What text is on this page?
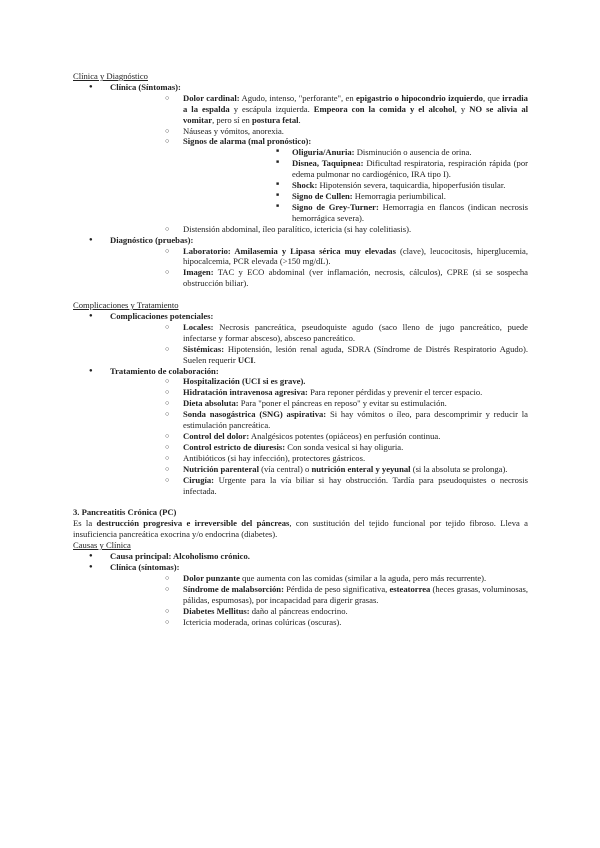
Clínica y Diagnóstico
● Clínica (Síntomas):
○ Dolor cardinal: Agudo, intenso, "perforante", en epigastrio o hipocondrio izquierdo, que irradia a la espalda y escápula izquierda. Empeora con la comida y el alcohol, y NO se alivia al vomitar, pero sí en postura fetal.
○ Náuseas y vómitos, anorexia.
○ Signos de alarma (mal pronóstico):
■ Oliguria/Anuria: Disminución o ausencia de orina.
■ Disnea, Taquipnea: Dificultad respiratoria, respiración rápida (por edema pulmonar no cardiogénico, IRA tipo I).
■ Shock: Hipotensión severa, taquicardia, hipoperfusión tisular.
■ Signo de Cullen: Hemorragia periumbilical.
■ Signo de Grey-Turner: Hemorragia en flancos (indican necrosis hemorrágica severa).
○ Distensión abdominal, íleo paralítico, ictericia (si hay colelitiasis).
● Diagnóstico (pruebas):
○ Laboratorio: Amilasemia y Lipasa sérica muy elevadas (clave), leucocitosis, hiperglucemia, hipocalcemia, PCR elevada (>150 mg/dL).
○ Imagen: TAC y ECO abdominal (ver inflamación, necrosis, cálculos), CPRE (si se sospecha obstrucción biliar).
Complicaciones y Tratamiento
● Complicaciones potenciales:
○ Locales: Necrosis pancreática, pseudoquiste agudo (saco lleno de jugo pancreático, puede infectarse y formar absceso), absceso pancreático.
○ Sistémicas: Hipotensión, lesión renal aguda, SDRA (Síndrome de Distrés Respiratorio Agudo). Suelen requerir UCI.
● Tratamiento de colaboración:
○ Hospitalización (UCI si es grave).
○ Hidratación intravenosa agresiva: Para reponer pérdidas y prevenir el tercer espacio.
○ Dieta absoluta: Para "poner el páncreas en reposo" y evitar su estimulación.
○ Sonda nasogástrica (SNG) aspirativa: Si hay vómitos o íleo, para descomprimir y reducir la estimulación pancreática.
○ Control del dolor: Analgésicos potentes (opiáceos) en perfusión continua.
○ Control estricto de diuresis: Con sonda vesical si hay oliguria.
○ Antibióticos (si hay infección), protectores gástricos.
○ Nutrición parenteral (vía central) o nutrición enteral y yeyunal (si la absoluta se prolonga).
○ Cirugía: Urgente para la vía biliar si hay obstrucción. Tardía para pseudoquistes o necrosis infectada.
3. Pancreatitis Crónica (PC)
Es la destrucción progresiva e irreversible del páncreas, con sustitución del tejido funcional por tejido fibroso. Lleva a insuficiencia pancreática exocrina y/o endocrina (diabetes).
Causas y Clínica
● Causa principal: Alcoholismo crónico.
● Clínica (síntomas):
○ Dolor punzante que aumenta con las comidas (similar a la aguda, pero más recurrente).
○ Síndrome de malabsorción: Pérdida de peso significativa, esteatorrea (heces grasas, voluminosas, pálidas, espumosas), por incapacidad para digerir grasas.
○ Diabetes Mellitus: daño al páncreas endocrino.
○ Ictericia moderada, orinas colúricas (oscuras).
